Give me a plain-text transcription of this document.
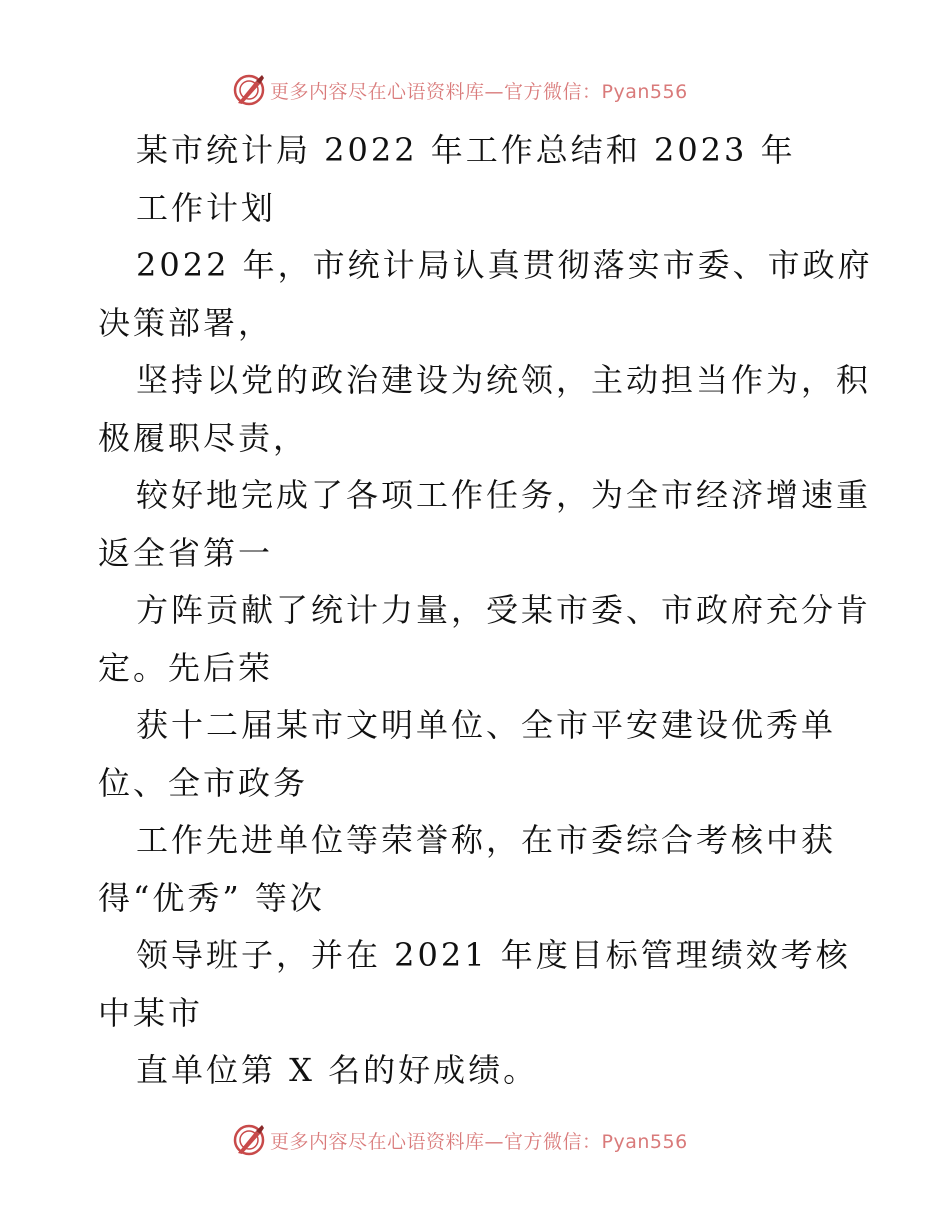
更多内容尽在心语资料库—官方微信：Pyan556
某市统计局 2022 年工作总结和 2023 年
工作计划
2022 年，市统计局认真贯彻落实市委、市政府
决策部署，
坚持以党的政治建设为统领，主动担当作为，积
极履职尽责，
较好地完成了各项工作任务，为全市经济增速重
返全省第一
方阵贡献了统计力量，受某市委、市政府充分肯
定。先后荣
获十二届某市文明单位、全市平安建设优秀单
位、全市政务
工作先进单位等荣誉称，在市委综合考核中获
得“优秀” 等次
领导班子，并在 2021 年度目标管理绩效考核
中某市
直单位第 X 名的好成绩。
更多内容尽在心语资料库—官方微信：Pyan556
